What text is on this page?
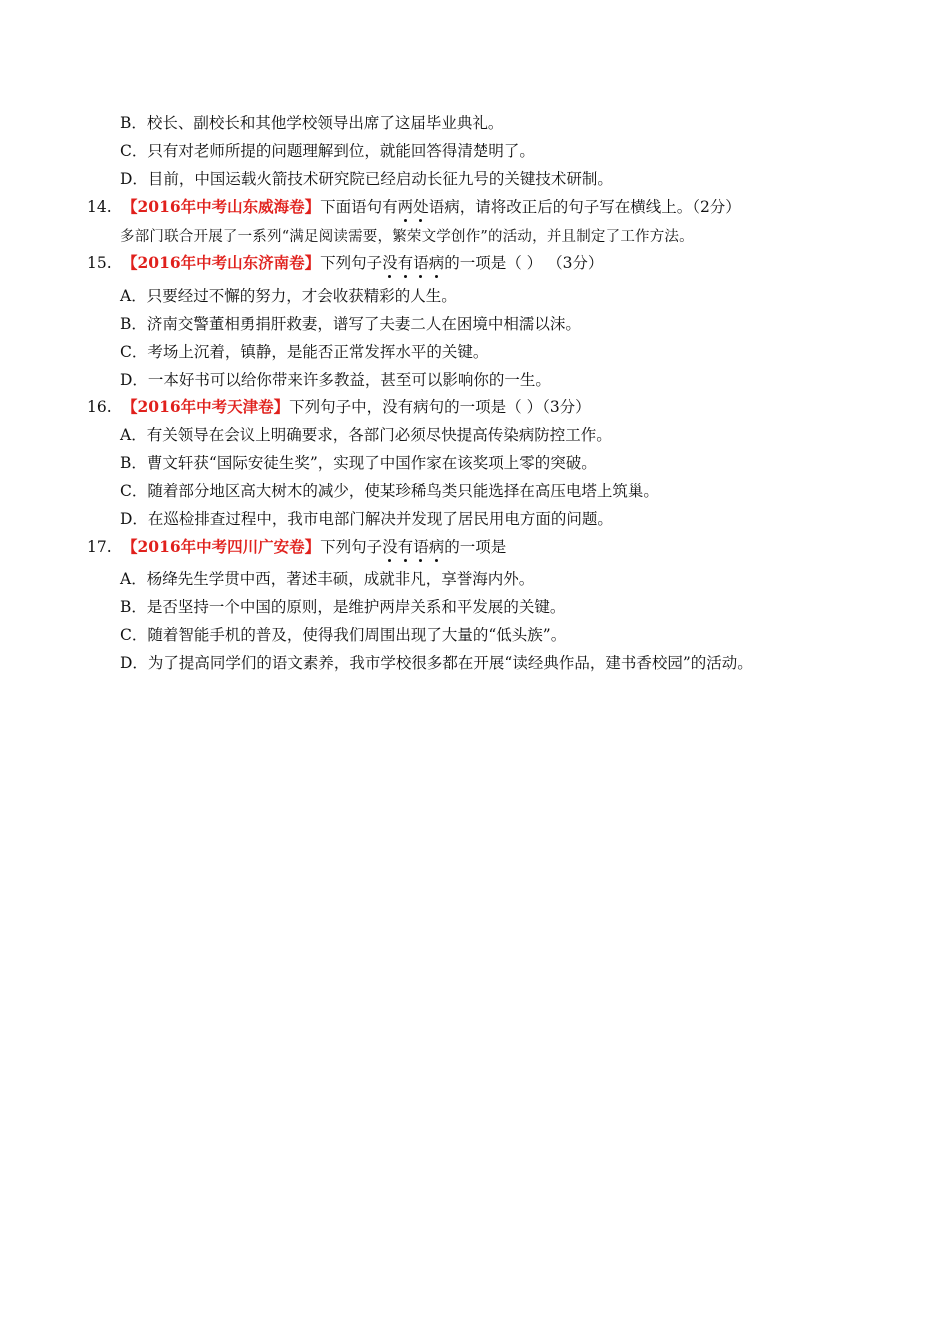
B．校长、副校长和其他学校领导出席了这届毕业典礼。
C．只有对老师所提的问题理解到位，就能回答得清楚明了。
D．目前，中国运载火箭技术研究院已经启动长征九号的关键技术研制。
14. 【2016年中考山东威海卷】下面语句有两处语病，请将改正后的句子写在横线上。（2分）
多部门联合开展了一系列“满足阅读需要，繁荣文学创作”的活动，并且制定了工作方法。
15. 【2016年中考山东济南卷】下列句子没有语病的一项是（ ） （3分）
A．只要经过不懈的努力，才会收获精彩的人生。
B．济南交警董相勇捐肝救妻，谱写了夫妻二人在困境中相濡以沫。
C．考场上沉着，镇静，是能否正常发挥水平的关键。
D．一本好书可以给你带来许多教益，甚至可以影响你的一生。
16. 【2016年中考天津卷】下列句子中，没有病句的一项是（ ）（3分）
A．有关领导在会议上明确要求，各部门必须尽快提高传染病防控工作。
B．曹文轩获“国际安徒生奖”，实现了中国作家在该奖项上零的突破。
C．随着部分地区高大树木的减少，使某珍稀鸟类只能选择在高压电塔上筑巢。
D．在巡检排查过程中，我市电部门解决并发现了居民用电方面的问题。
17. 【2016年中考四川广安卷】下列句子没有语病的一项是
A．杨绛先生学贯中西，著述丰硕，成就非凡，享誉海内外。
B．是否坚持一个中国的原则，是维护两岸关系和平发展的关键。
C．随着智能手机的普及，使得我们周围出现了大量的“低头族”。
D．为了提高同学们的语文素养，我市学校很多都在开展“读经典作品，建书香校园”的活动。
